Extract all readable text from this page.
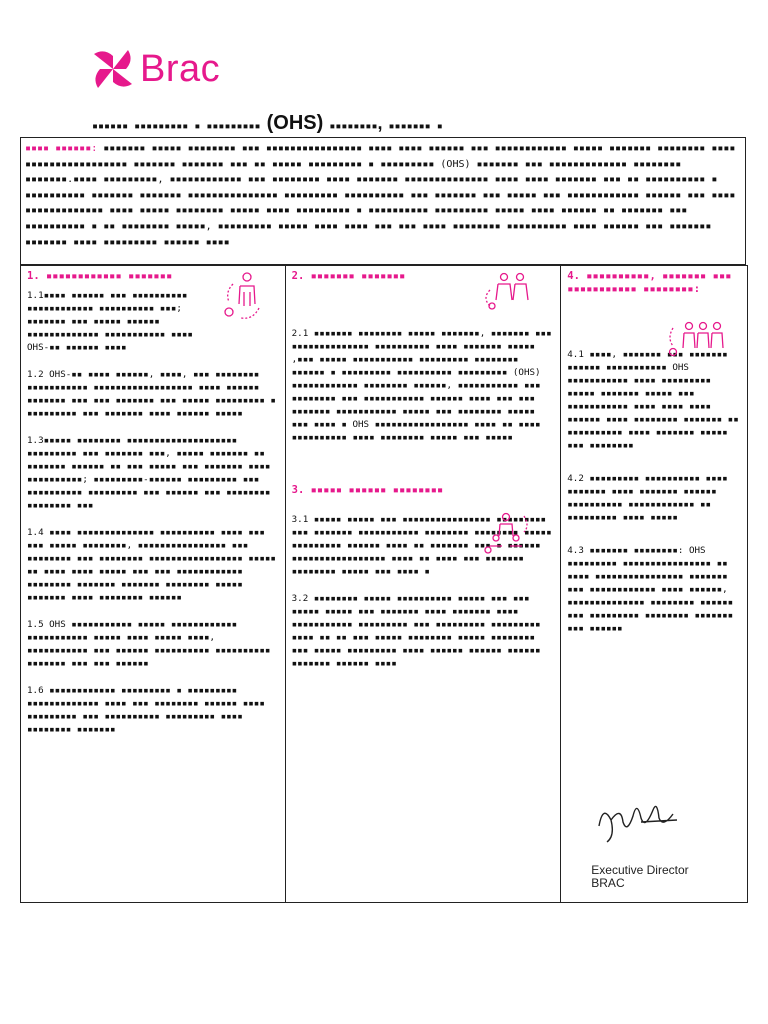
Brac
▪▪▪▪▪▪ ▪▪▪▪▪▪▪▪▪ ▪ ▪▪▪▪▪▪▪▪▪ (OHS) ▪▪▪▪▪▪▪▪, ▪▪▪▪▪▪▪ ▪
▪▪▪▪ ▪▪▪▪▪▪: ▪▪▪▪▪▪▪ ▪▪▪▪▪ ▪▪▪▪▪▪▪▪ ▪▪▪ ▪▪▪▪▪▪▪▪▪▪▪▪▪▪▪▪ ▪▪▪▪ ▪▪▪▪ ▪▪▪▪▪▪ ▪▪▪ ▪▪▪▪▪▪▪▪▪▪▪▪ ▪▪▪▪▪ ▪▪▪▪▪▪▪ ▪▪▪▪▪▪▪▪ ▪▪▪▪ ▪▪▪▪▪▪▪▪▪▪▪▪▪▪▪▪▪ ▪▪▪▪▪▪▪ ▪▪▪▪▪▪▪ ▪▪▪ ▪▪ ▪▪▪▪▪ ▪▪▪▪▪▪▪▪▪ ▪ ▪▪▪▪▪▪▪▪▪ (OHS) ▪▪▪▪▪▪▪ ▪▪▪ ▪▪▪▪▪▪▪▪▪▪▪▪▪ ▪▪▪▪▪▪▪▪ ▪▪▪▪▪▪▪.▪▪▪▪ ▪▪▪▪▪▪▪▪▪, ▪▪▪▪▪▪▪▪▪▪▪▪ ▪▪▪ ▪▪▪▪▪▪▪▪ ▪▪▪▪ ▪▪▪▪▪▪▪ ▪▪▪▪▪▪▪▪▪▪▪▪▪▪ ▪▪▪▪ ▪▪▪▪ ▪▪▪▪▪▪▪ ▪▪▪ ▪▪ ▪▪▪▪▪▪▪▪▪▪ ▪ ▪▪▪▪▪▪▪▪▪▪ ▪▪▪▪▪▪▪ ▪▪▪▪▪▪▪ ▪▪▪▪▪▪▪▪▪▪▪▪▪▪▪ ▪▪▪▪▪▪▪▪▪ ▪▪▪▪▪▪▪▪▪▪ ▪▪▪ ▪▪▪▪▪▪▪ ▪▪▪ ▪▪▪▪▪ ▪▪▪ ▪▪▪▪▪▪▪▪▪▪▪▪ ▪▪▪▪▪▪ ▪▪▪ ▪▪▪▪ ▪▪▪▪▪▪▪▪▪▪▪▪▪ ▪▪▪▪ ▪▪▪▪▪ ▪▪▪▪▪▪▪▪ ▪▪▪▪▪ ▪▪▪▪ ▪▪▪▪▪▪▪▪▪ ▪ ▪▪▪▪▪▪▪▪▪▪ ▪▪▪▪▪▪▪▪▪ ▪▪▪▪▪ ▪▪▪▪ ▪▪▪▪▪▪ ▪▪ ▪▪▪▪▪▪▪ ▪▪▪ ▪▪▪▪▪▪▪▪▪▪ ▪ ▪▪ ▪▪▪▪▪▪▪▪ ▪▪▪▪▪, ▪▪▪▪▪▪▪▪▪ ▪▪▪▪▪ ▪▪▪▪ ▪▪▪▪ ▪▪▪ ▪▪▪ ▪▪▪▪ ▪▪▪▪▪▪▪▪ ▪▪▪▪▪▪▪▪▪▪ ▪▪▪▪ ▪▪▪▪▪▪ ▪▪▪ ▪▪▪▪▪▪▪ ▪▪▪▪▪▪▪ ▪▪▪▪ ▪▪▪▪▪▪▪▪▪ ▪▪▪▪▪▪ ▪▪▪▪
1. ▪▪▪▪▪▪▪▪▪▪▪▪ ▪▪▪▪▪▪▪

1.1▪▪▪▪ ▪▪▪▪▪▪ ▪▪▪ ▪▪▪▪▪▪▪▪▪▪ ▪▪▪▪▪▪▪▪▪▪▪▪ ▪▪▪▪▪▪▪▪▪▪ ▪▪▪; ▪▪▪▪▪▪▪ ▪▪▪ ▪▪▪▪▪ ▪▪▪▪▪▪ ▪▪▪▪▪▪▪▪▪▪▪▪▪ ▪▪▪▪▪▪▪▪▪▪▪ ▪▪▪▪ OHS-▪▪ ▪▪▪▪▪▪ ▪▪▪▪

1.2 OHS-▪▪ ▪▪▪▪ ▪▪▪▪▪▪, ▪▪▪▪, ▪▪▪ ▪▪▪▪▪▪▪▪ ▪▪▪▪▪▪▪▪▪▪▪ ▪▪▪▪▪▪▪▪▪▪▪▪▪▪▪▪▪▪ ▪▪▪▪ ▪▪▪▪▪▪ ▪▪▪▪▪▪▪ ▪▪▪ ▪▪▪ ▪▪▪▪▪▪▪ ▪▪▪ ▪▪▪▪▪ ▪▪▪▪▪▪▪▪▪ ▪ ▪▪▪▪▪▪▪▪▪ ▪▪▪ ▪▪▪▪▪▪▪ ▪▪▪▪ ▪▪▪▪▪▪ ▪▪▪▪▪

1.3▪▪▪▪▪ ▪▪▪▪▪▪▪▪ ▪▪▪▪▪▪▪▪▪▪▪▪▪▪▪▪▪▪▪▪ ▪▪▪▪▪▪▪▪▪ ▪▪▪ ▪▪▪▪▪▪▪ ▪▪▪, ▪▪▪▪▪ ▪▪▪▪▪▪▪ ▪▪ ▪▪▪▪▪▪▪ ▪▪▪▪▪▪ ▪▪ ▪▪▪ ▪▪▪▪▪ ▪▪▪ ▪▪▪▪▪▪▪ ▪▪▪▪ ▪▪▪▪▪▪▪▪▪▪; ▪▪▪▪▪▪▪▪▪-▪▪▪▪▪▪ ▪▪▪▪▪▪▪▪▪ ▪▪▪ ▪▪▪▪▪▪▪▪▪▪ ▪▪▪▪▪▪▪▪▪ ▪▪▪ ▪▪▪▪▪▪ ▪▪▪ ▪▪▪▪▪▪▪▪ ▪▪▪▪▪▪▪▪ ▪▪▪

1.4 ▪▪▪▪ ▪▪▪▪▪▪▪▪▪▪▪▪▪▪ ▪▪▪▪▪▪▪▪▪▪ ▪▪▪▪ ▪▪▪ ▪▪▪ ▪▪▪▪▪ ▪▪▪▪▪▪▪▪, ▪▪▪▪▪▪▪▪▪▪▪▪▪▪▪▪ ▪▪▪ ▪▪▪▪▪▪▪▪ ▪▪▪ ▪▪▪▪▪▪▪▪ ▪▪▪▪▪▪▪▪▪▪▪▪▪▪▪▪▪ ▪▪▪▪▪ ▪▪ ▪▪▪▪ ▪▪▪▪ ▪▪▪▪▪ ▪▪▪ ▪▪▪ ▪▪▪▪▪▪▪▪▪▪▪▪ ▪▪▪▪▪▪▪▪ ▪▪▪▪▪▪▪ ▪▪▪▪▪▪▪ ▪▪▪▪▪▪▪▪ ▪▪▪▪▪ ▪▪▪▪▪▪▪ ▪▪▪▪ ▪▪▪▪▪▪▪▪ ▪▪▪▪▪▪

1.5 OHS ▪▪▪▪▪▪▪▪▪▪▪ ▪▪▪▪▪ ▪▪▪▪▪▪▪▪▪▪▪▪ ▪▪▪▪▪▪▪▪▪▪▪ ▪▪▪▪▪ ▪▪▪▪ ▪▪▪▪▪ ▪▪▪▪, ▪▪▪▪▪▪▪▪▪▪▪ ▪▪▪ ▪▪▪▪▪▪ ▪▪▪▪▪▪▪▪▪▪ ▪▪▪▪▪▪▪▪▪▪ ▪▪▪▪▪▪▪ ▪▪▪ ▪▪▪ ▪▪▪▪▪▪

1.6 ▪▪▪▪▪▪▪▪▪▪▪▪ ▪▪▪▪▪▪▪▪▪ ▪ ▪▪▪▪▪▪▪▪▪ ▪▪▪▪▪▪▪▪▪▪▪▪▪ ▪▪▪▪ ▪▪▪ ▪▪▪▪▪▪▪▪ ▪▪▪▪▪▪ ▪▪▪▪ ▪▪▪▪▪▪▪▪▪ ▪▪▪ ▪▪▪▪▪▪▪▪▪▪ ▪▪▪▪▪▪▪▪▪ ▪▪▪▪ ▪▪▪▪▪▪▪▪ ▪▪▪▪▪▪▪

2. ▪▪▪▪▪▪▪ ▪▪▪▪▪▪▪

2.1 ▪▪▪▪▪▪▪ ▪▪▪▪▪▪▪▪ ▪▪▪▪▪ ▪▪▪▪▪▪▪, ▪▪▪▪▪▪▪ ▪▪▪ ▪▪▪▪▪▪▪▪▪▪▪▪▪▪ ▪▪▪▪▪▪▪▪▪▪ ▪▪▪▪ ▪▪▪▪▪▪▪ ▪▪▪▪▪ ,▪▪▪ ▪▪▪▪▪ ▪▪▪▪▪▪▪▪▪▪▪ ▪▪▪▪▪▪▪▪▪ ▪▪▪▪▪▪▪▪ ▪▪▪▪▪▪ ▪ ▪▪▪▪▪▪▪▪▪ ▪▪▪▪▪▪▪▪▪▪ ▪▪▪▪▪▪▪▪▪ (OHS) ▪▪▪▪▪▪▪▪▪▪▪▪ ▪▪▪▪▪▪▪▪ ▪▪▪▪▪▪, ▪▪▪▪▪▪▪▪▪▪▪ ▪▪▪ ▪▪▪▪▪▪▪▪ ▪▪▪ ▪▪▪▪▪▪▪▪▪▪▪ ▪▪▪▪▪▪ ▪▪▪▪ ▪▪▪ ▪▪▪ ▪▪▪▪▪▪▪ ▪▪▪▪▪▪▪▪▪▪▪ ▪▪▪▪▪ ▪▪▪ ▪▪▪▪▪▪▪▪ ▪▪▪▪▪ ▪▪▪ ▪▪▪▪ ▪ OHS ▪▪▪▪▪▪▪▪▪▪▪▪▪▪▪▪▪ ▪▪▪▪ ▪▪ ▪▪▪▪ ▪▪▪▪▪▪▪▪▪▪ ▪▪▪▪ ▪▪▪▪▪▪▪▪ ▪▪▪▪▪ ▪▪▪ ▪▪▪▪▪

3. ▪▪▪▪▪ ▪▪▪▪▪▪ ▪▪▪▪▪▪▪▪

3.1 ▪▪▪▪▪ ▪▪▪▪▪ ▪▪▪ ▪▪▪▪▪▪▪▪▪▪▪▪▪▪▪▪ ▪▪▪▪▪▪▪▪▪ ▪▪▪ ▪▪▪▪▪▪▪ ▪▪▪▪▪▪▪▪▪▪▪ ▪▪▪▪▪▪▪▪ ▪▪▪▪▪▪▪▪ ▪▪▪▪▪ ▪▪▪▪▪▪▪▪▪ ▪▪▪▪▪▪ ▪▪▪▪ ▪▪ ▪▪▪▪▪▪▪ ▪▪▪ ▪ ▪▪▪▪▪▪ ▪▪▪▪▪▪▪▪▪▪▪▪▪▪▪▪▪ ▪▪▪▪ ▪▪ ▪▪▪▪ ▪▪▪ ▪▪▪▪▪▪▪ ▪▪▪▪▪▪▪▪ ▪▪▪▪▪ ▪▪▪ ▪▪▪▪ ▪

3.2 ▪▪▪▪▪▪▪▪ ▪▪▪▪▪ ▪▪▪▪▪▪▪▪▪▪ ▪▪▪▪▪ ▪▪▪ ▪▪▪ ▪▪▪▪▪ ▪▪▪▪▪ ▪▪▪ ▪▪▪▪▪▪▪ ▪▪▪▪ ▪▪▪▪▪▪▪ ▪▪▪▪ ▪▪▪▪▪▪▪▪▪▪▪ ▪▪▪▪▪▪▪▪▪ ▪▪▪ ▪▪▪▪▪▪▪▪▪ ▪▪▪▪▪▪▪▪▪ ▪▪▪▪ ▪▪ ▪▪ ▪▪▪ ▪▪▪▪▪ ▪▪▪▪▪▪▪▪ ▪▪▪▪▪ ▪▪▪▪▪▪▪▪ ▪▪▪ ▪▪▪▪▪ ▪▪▪▪▪▪▪▪▪ ▪▪▪▪ ▪▪▪▪▪▪ ▪▪▪▪▪▪ ▪▪▪▪▪▪ ▪▪▪▪▪▪▪ ▪▪▪▪▪▪ ▪▪▪▪

4. ▪▪▪▪▪▪▪▪▪▪, ▪▪▪▪▪▪▪ ▪▪▪ ▪▪▪▪▪▪▪▪▪▪▪ ▪▪▪▪▪▪▪▪:

4.1 ▪▪▪▪, ▪▪▪▪▪▪▪ ▪▪▪ ▪▪▪▪▪▪▪ ▪▪▪▪▪▪ ▪▪▪▪▪▪▪▪▪▪▪ OHS ▪▪▪▪▪▪▪▪▪▪▪ ▪▪▪▪ ▪▪▪▪▪▪▪▪▪ ▪▪▪▪▪ ▪▪▪▪▪▪▪ ▪▪▪▪▪ ▪▪▪ ▪▪▪▪▪▪▪▪▪▪▪ ▪▪▪▪ ▪▪▪▪ ▪▪▪▪ ▪▪▪▪▪▪ ▪▪▪▪ ▪▪▪▪▪▪▪▪ ▪▪▪▪▪▪▪ ▪▪ ▪▪▪▪▪▪▪▪▪▪ ▪▪▪▪ ▪▪▪▪▪▪▪ ▪▪▪▪▪ ▪▪▪ ▪▪▪▪▪▪▪▪

4.2 ▪▪▪▪▪▪▪▪▪ ▪▪▪▪▪▪▪▪▪▪ ▪▪▪▪ ▪▪▪▪▪▪▪ ▪▪▪▪ ▪▪▪▪▪▪▪ ▪▪▪▪▪▪ ▪▪▪▪▪▪▪▪▪▪ ▪▪▪▪▪▪▪▪▪▪▪▪ ▪▪ ▪▪▪▪▪▪▪▪▪ ▪▪▪▪ ▪▪▪▪▪

4.3 ▪▪▪▪▪▪▪ ▪▪▪▪▪▪▪▪: OHS ▪▪▪▪▪▪▪▪▪ ▪▪▪▪▪▪▪▪▪▪▪▪▪▪▪▪ ▪▪ ▪▪▪▪ ▪▪▪▪▪▪▪▪▪▪▪▪▪▪▪▪ ▪▪▪▪▪▪▪ ▪▪▪ ▪▪▪▪▪▪▪▪▪▪▪▪ ▪▪▪▪ ▪▪▪▪▪▪, ▪▪▪▪▪▪▪▪▪▪▪▪▪▪ ▪▪▪▪▪▪▪▪ ▪▪▪▪▪▪ ▪▪▪ ▪▪▪▪▪▪▪▪▪ ▪▪▪▪▪▪▪▪ ▪▪▪▪▪▪▪ ▪▪▪ ▪▪▪▪▪▪

Executive Director
BRAC
